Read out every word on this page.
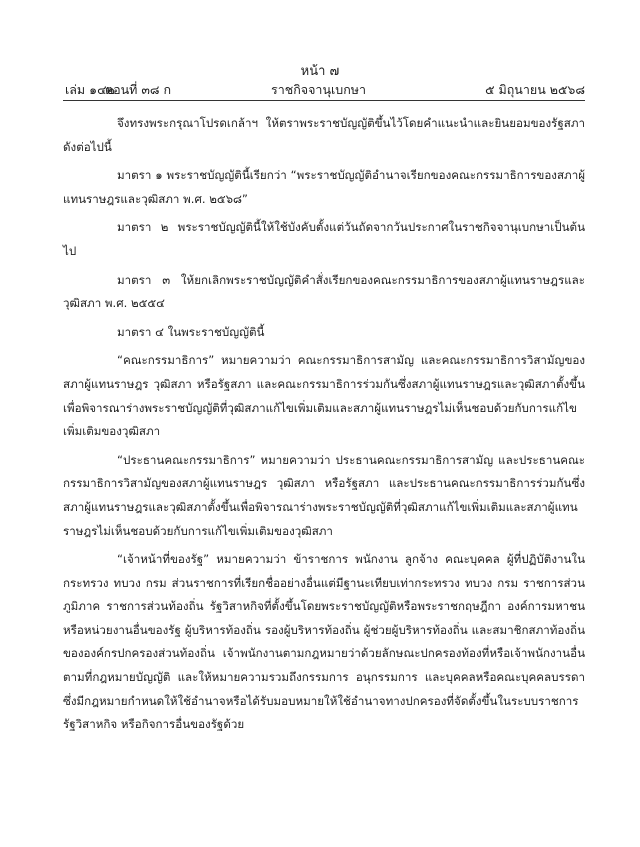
หน้า ๗
เล่ม ๑๔๒
ตอนที่ ๓๘ ก	ราชกิจจานุเบกษา	๕ มิถุนายน ๒๕๖๘

จึงทรงพระกรุณาโปรดเกล้าฯ ให้ตราพระราชบัญญัติขึ้นไว้โดยคำแนะนำและยินยอมของรัฐสภา ดังต่อไปนี้

มาตรา ๑ พระราชบัญญัตินี้เรียกว่า “พระราชบัญญัติอำนาจเรียกของคณะกรรมาธิการของสภาผู้แทนราษฎรและวุฒิสภา พ.ศ. ๒๕๖๘”

มาตรา ๒ พระราชบัญญัตินี้ให้ใช้บังคับตั้งแต่วันถัดจากวันประกาศในราชกิจจานุเบกษาเป็นต้นไป

มาตรา ๓ ให้ยกเลิกพระราชบัญญัติคำสั่งเรียกของคณะกรรมาธิการของสภาผู้แทนราษฎรและวุฒิสภา พ.ศ. ๒๕๕๔

มาตรา ๔ ในพระราชบัญญัตินี้

“คณะกรรมาธิการ” หมายความว่า คณะกรรมาธิการสามัญ และคณะกรรมาธิการวิสามัญของสภาผู้แทนราษฎร วุฒิสภา หรือรัฐสภา และคณะกรรมาธิการร่วมกันซึ่งสภาผู้แทนราษฎรและวุฒิสภาตั้งขึ้นเพื่อพิจารณาร่างพระราชบัญญัติที่วุฒิสภาแก้ไขเพิ่มเติมและสภาผู้แทนราษฎรไม่เห็นชอบด้วยกับการแก้ไขเพิ่มเติมของวุฒิสภา

“ประธานคณะกรรมาธิการ” หมายความว่า ประธานคณะกรรมาธิการสามัญ และประธานคณะกรรมาธิการวิสามัญของสภาผู้แทนราษฎร วุฒิสภา หรือรัฐสภา และประธานคณะกรรมาธิการร่วมกันซึ่งสภาผู้แทนราษฎรและวุฒิสภาตั้งขึ้นเพื่อพิจารณาร่างพระราชบัญญัติที่วุฒิสภาแก้ไขเพิ่มเติมและสภาผู้แทนราษฎรไม่เห็นชอบด้วยกับการแก้ไขเพิ่มเติมของวุฒิสภา

“เจ้าหน้าที่ของรัฐ” หมายความว่า ข้าราชการ พนักงาน ลูกจ้าง คณะบุคคล ผู้ที่ปฏิบัติงานในกระทรวง ทบวง กรม ส่วนราชการที่เรียกชื่ออย่างอื่นแต่มีฐานะเทียบเท่ากระทรวง ทบวง กรม ราชการส่วนภูมิภาค ราชการส่วนท้องถิ่น รัฐวิสาหกิจที่ตั้งขึ้นโดยพระราชบัญญัติหรือพระราชกฤษฎีกา องค์การมหาชน หรือหน่วยงานอื่นของรัฐ ผู้บริหารท้องถิ่น รองผู้บริหารท้องถิ่น ผู้ช่วยผู้บริหารท้องถิ่น และสมาชิกสภาท้องถิ่นขององค์กรปกครองส่วนท้องถิ่น เจ้าพนักงานตามกฎหมายว่าด้วยลักษณะปกครองท้องที่หรือเจ้าพนักงานอื่นตามที่กฎหมายบัญญัติ และให้หมายความรวมถึงกรรมการ อนุกรรมการ และบุคคลหรือคณะบุคคลบรรดาซึ่งมีกฎหมายกำหนดให้ใช้อำนาจหรือได้รับมอบหมายให้ใช้อำนาจทางปกครองที่จัดตั้งขึ้นในระบบราชการ รัฐวิสาหกิจ หรือกิจการอื่นของรัฐด้วย
